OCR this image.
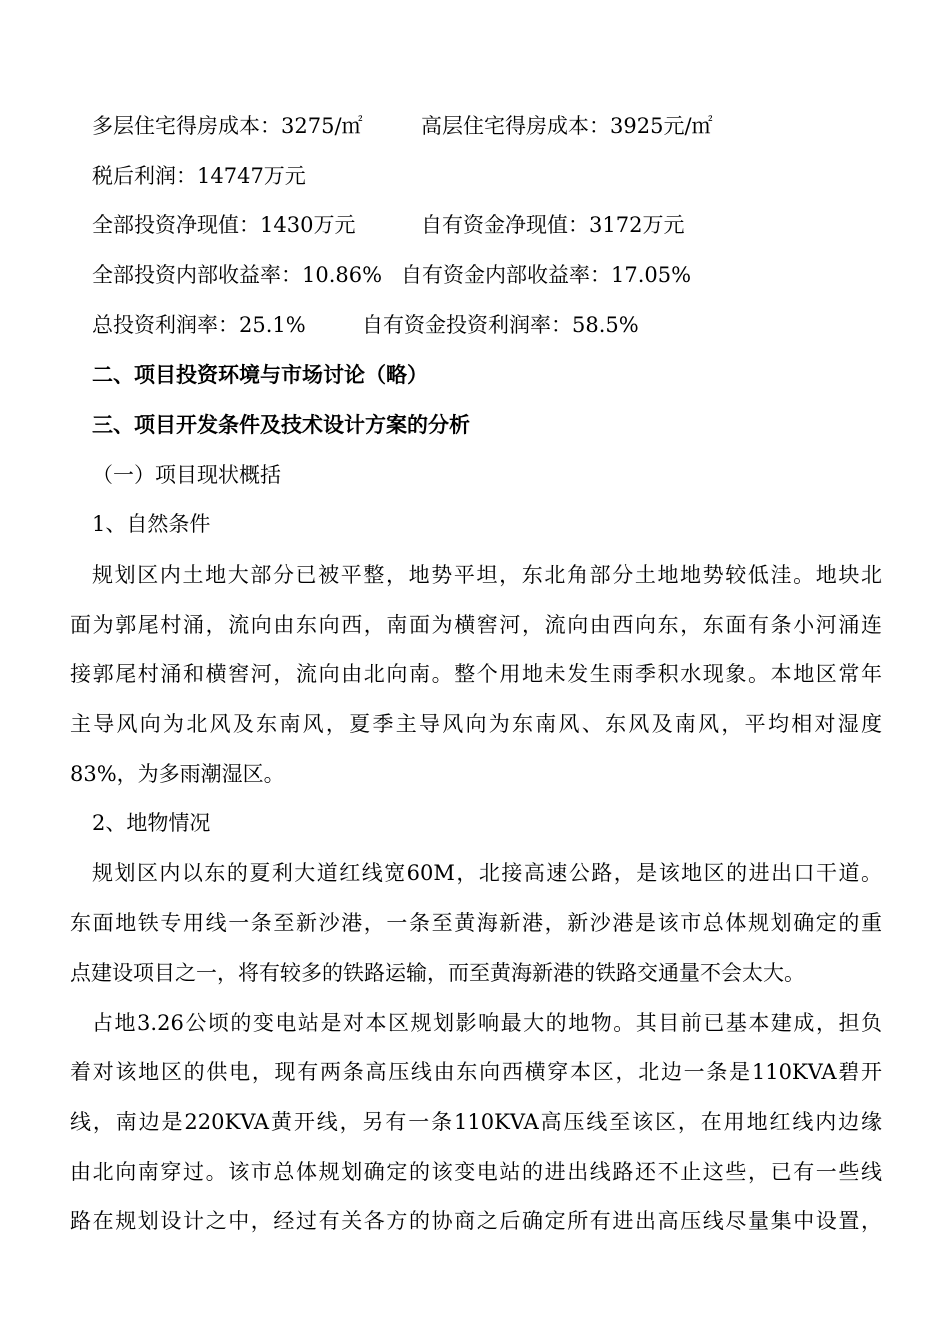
多层住宅得房成本：3275/㎡	高层住宅得房成本：3925元/㎡
税后利润：14747万元
全部投资净现值：1430万元	自有资金净现值：3172万元
全部投资内部收益率：10.86% 自有资金内部收益率：17.05%
总投资利润率：25.1%	自有资金投资利润率：58.5%
二、项目投资环境与市场讨论（略）
三、项目开发条件及技术设计方案的分析
（一）项目现状概括
1、自然条件
规划区内土地大部分已被平整，地势平坦，东北角部分土地地势较低洼。地块北
面为郭尾村涌，流向由东向西，南面为横窖河，流向由西向东，东面有条小河涌连
接郭尾村涌和横窖河，流向由北向南。整个用地未发生雨季积水现象。本地区常年
主导风向为北风及东南风，夏季主导风向为东南风、东风及南风，平均相对湿度
83%，为多雨潮湿区。
2、地物情况
规划区内以东的夏利大道红线宽60M，北接高速公路，是该地区的进出口干道。
东面地铁专用线一条至新沙港，一条至黄海新港，新沙港是该市总体规划确定的重
点建设项目之一，将有较多的铁路运输，而至黄海新港的铁路交通量不会太大。
占地3.26公顷的变电站是对本区规划影响最大的地物。其目前已基本建成，担负
着对该地区的供电，现有两条高压线由东向西横穿本区，北边一条是110KVA碧开
线，南边是220KVA黄开线，另有一条110KVA高压线至该区，在用地红线内边缘
由北向南穿过。该市总体规划确定的该变电站的进出线路还不止这些，已有一些线
路在规划设计之中，经过有关各方的协商之后确定所有进出高压线尽量集中设置，
